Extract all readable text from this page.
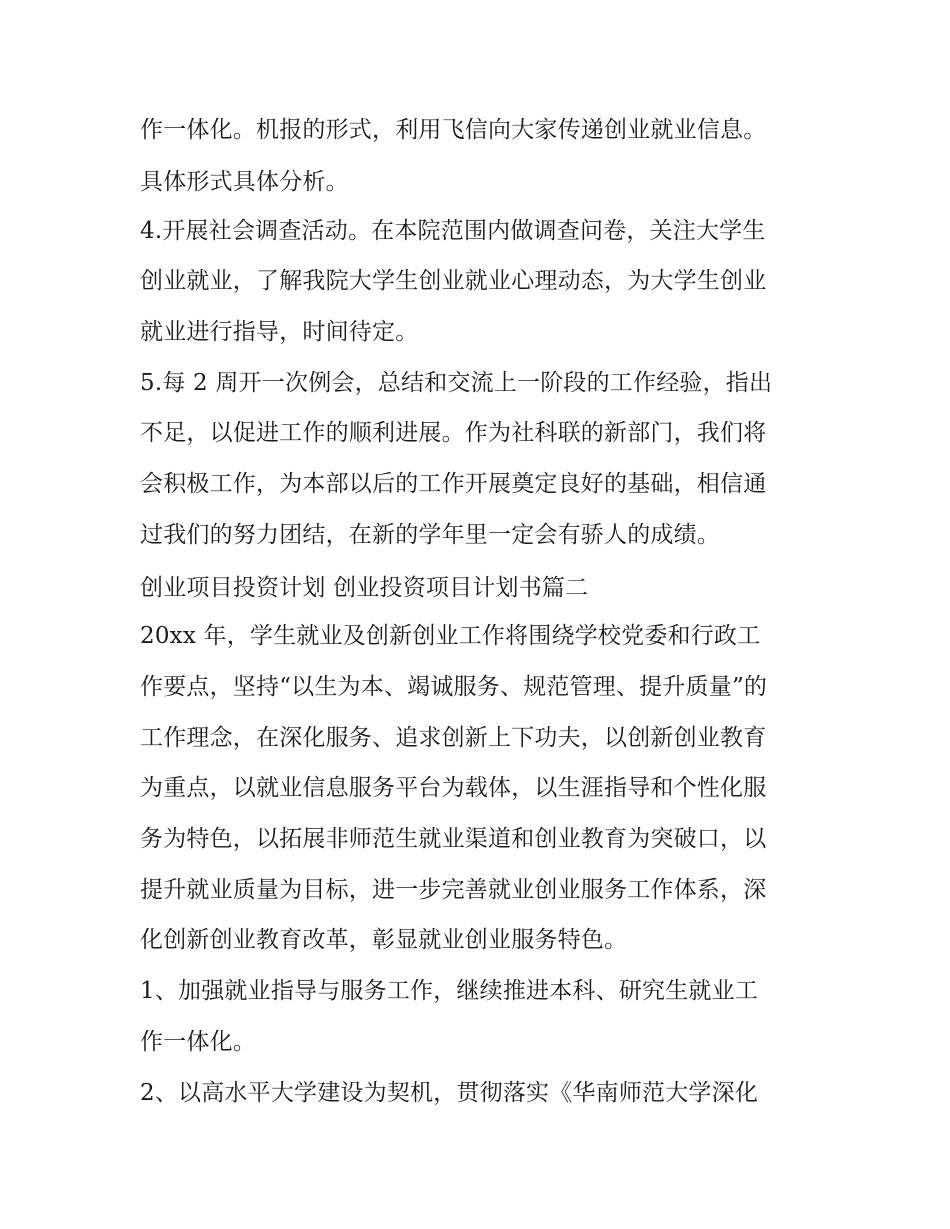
作一体化。机报的形式，利用飞信向大家传递创业就业信息。
具体形式具体分析。
4.开展社会调查活动。在本院范围内做调查问卷，关注大学生
创业就业，了解我院大学生创业就业心理动态，为大学生创业
就业进行指导，时间待定。
5.每 2 周开一次例会，总结和交流上一阶段的工作经验，指出
不足，以促进工作的顺利进展。作为社科联的新部门，我们将
会积极工作，为本部以后的工作开展奠定良好的基础，相信通
过我们的努力团结，在新的学年里一定会有骄人的成绩。
创业项目投资计划 创业投资项目计划书篇二
20xx 年，学生就业及创新创业工作将围绕学校党委和行政工
作要点，坚持“以生为本、竭诚服务、规范管理、提升质量”的
工作理念，在深化服务、追求创新上下功夫，以创新创业教育
为重点，以就业信息服务平台为载体，以生涯指导和个性化服
务为特色，以拓展非师范生就业渠道和创业教育为突破口，以
提升就业质量为目标，进一步完善就业创业服务工作体系，深
化创新创业教育改革，彰显就业创业服务特色。
1、加强就业指导与服务工作，继续推进本科、研究生就业工
作一体化。
2、以高水平大学建设为契机，贯彻落实《华南师范大学深化
